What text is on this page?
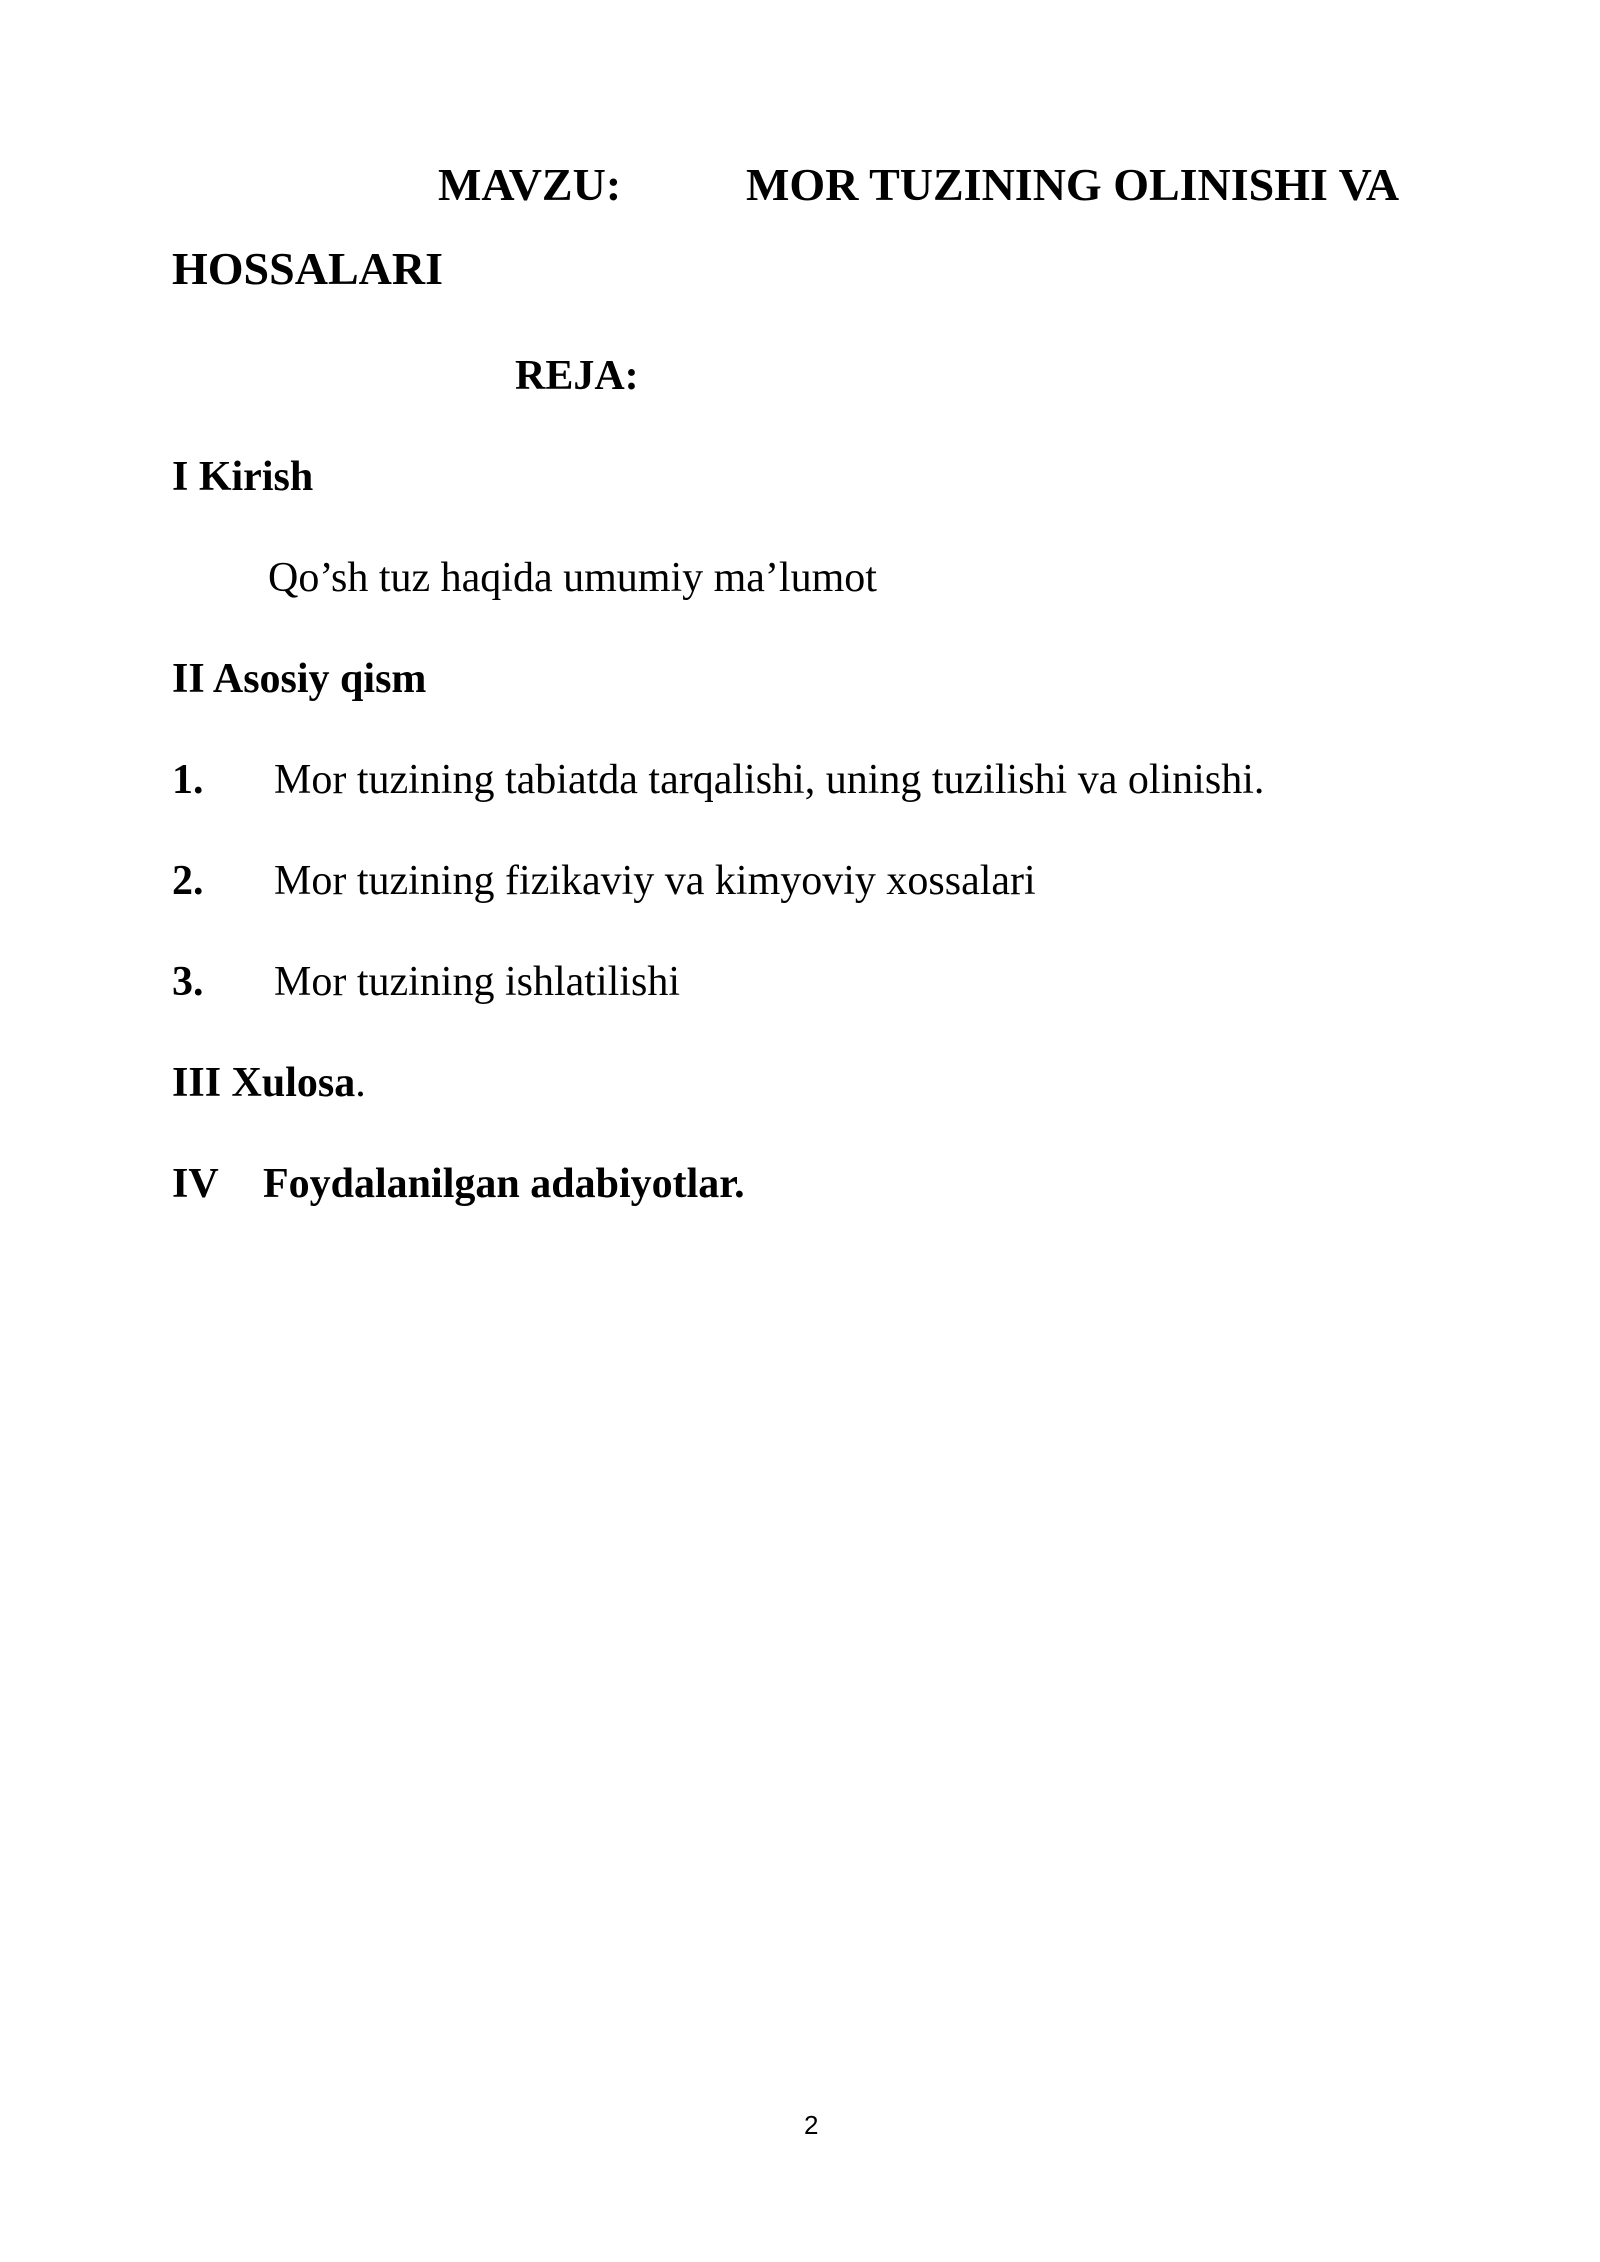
MAVZU:	MOR TUZINING OLINISHI VA
HOSSALARI
REJA:
I Kirish
Qo’sh tuz haqida umumiy ma’lumot
II Asosiy qism
1. Mor tuzining tabiatda tarqalishi, uning tuzilishi va olinishi.
2. Mor tuzining fizikaviy va kimyoviy xossalari
3. Mor tuzining ishlatilishi
III Xulosa.
IV Foydalanilgan adabiyotlar.
2
